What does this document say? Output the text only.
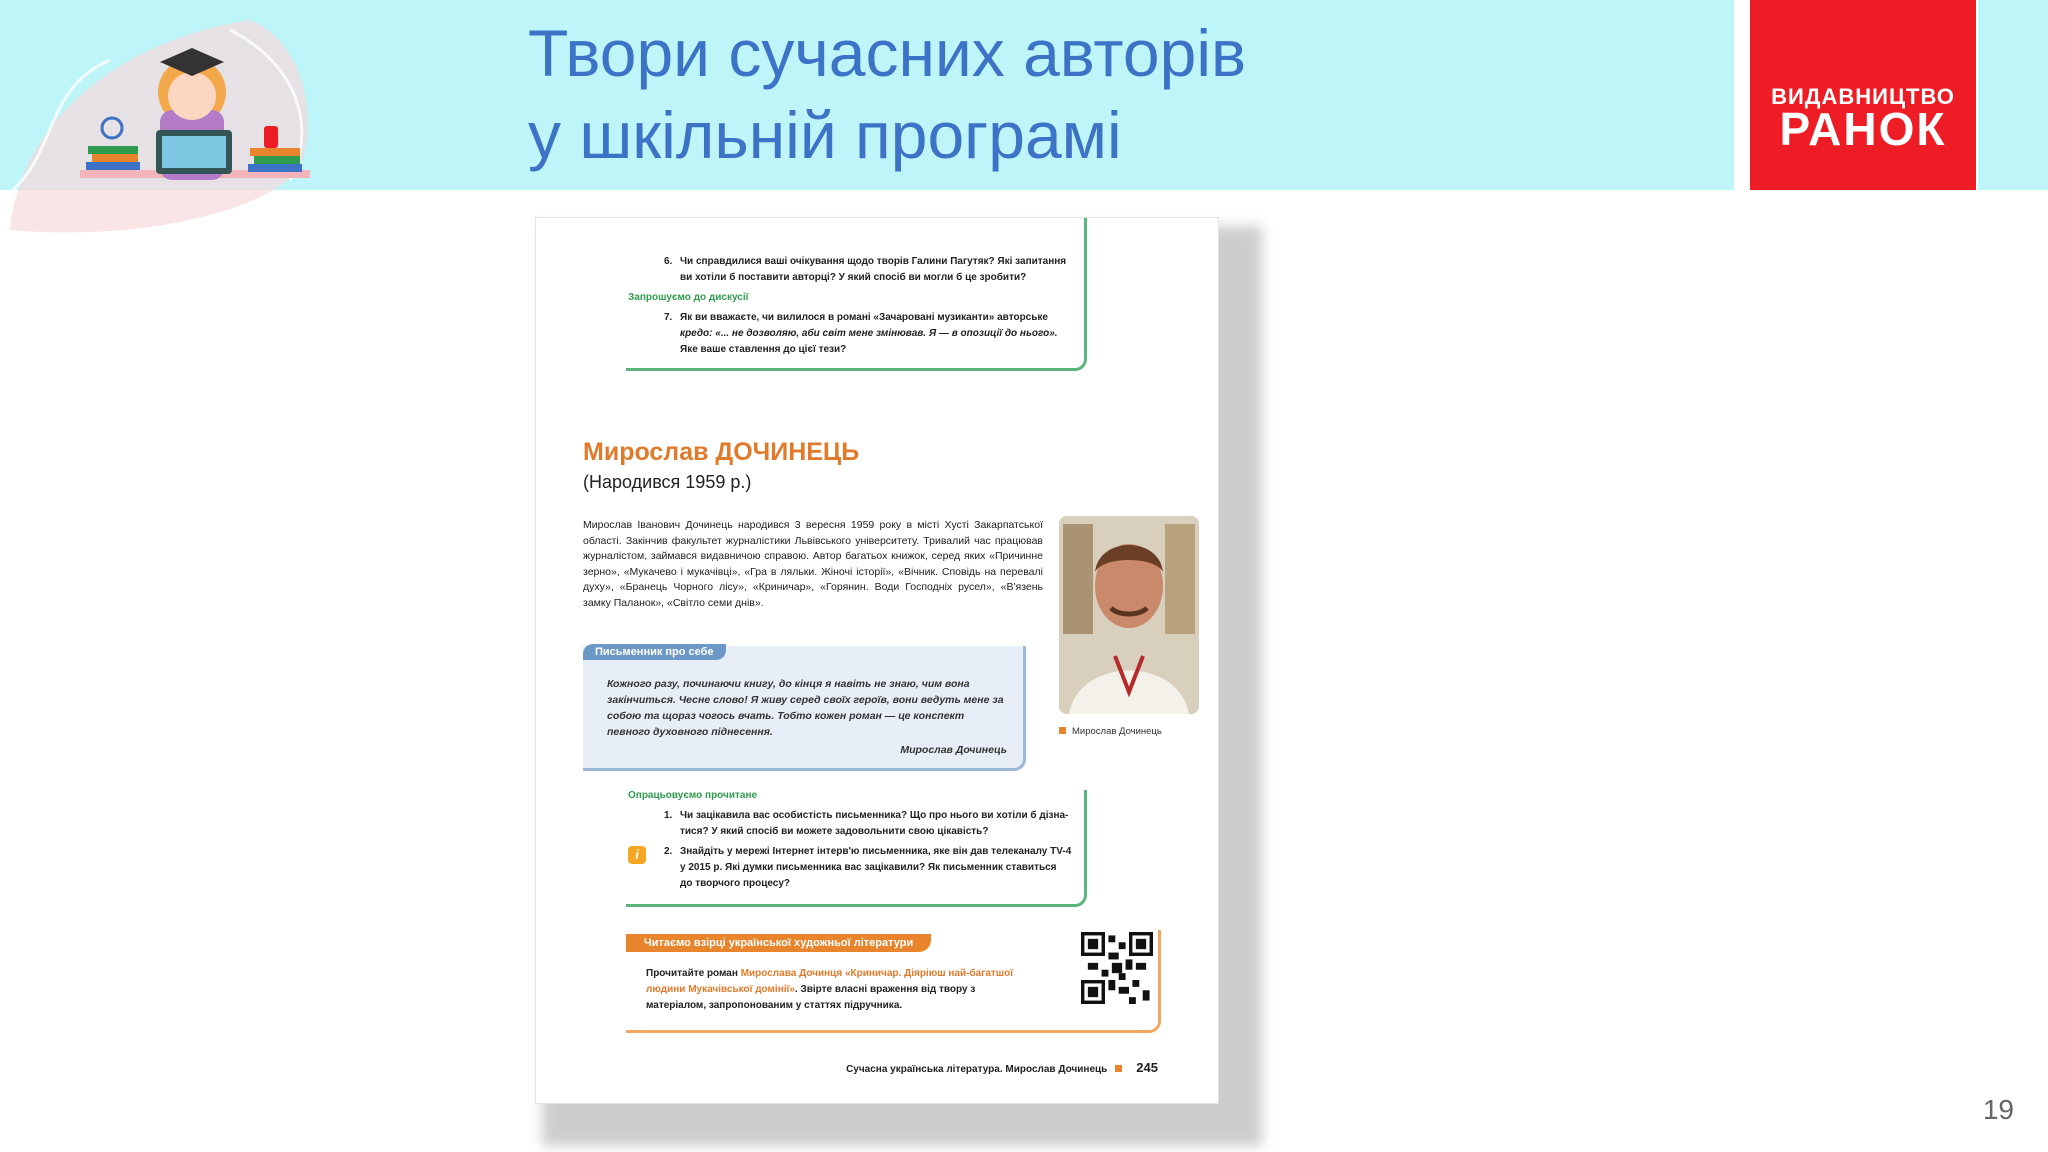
Твори сучасних авторів
у шкільній програмі
ВИДАВНИЦТВО
РАНОК
6. Чи справдилися ваші очікування щодо творів Галини Пагутяк? Які запитання
ви хотіли б поставити авторці? У який спосіб ви могли б це зробити?
Запрошуємо до дискусії
7. Як ви вважаєте, чи вилилося в романі «Зачаровані музиканти» авторське
кредо: «... не дозволяю, аби світ мене змінював. Я — в опозиції до нього».
Яке ваше ставлення до цієї тези?
Мирослав ДОЧИНЕЦЬ
(Народився 1959 р.)
Мирослав Іванович Дочинець народився 3 вересня 1959 року в місті Хусті Закарпатської області. Закінчив факультет журналістики Львівського університету. Тривалий час працював журналістом, займався видавничою справою. Автор багатьох книжок, серед яких «Причинне зерно», «Мукачево і мукачівці», «Гра в ляльки. Жіночі історії», «Вічник. Сповідь на перевалі духу», «Бранець Чорного лісу», «Криничар», «Горянин. Води Господніх русел», «В'язень замку Паланок», «Світло семи днів».
Мирослав Дочинець
Кожного разу, починаючи книгу, до кінця я навіть не знаю, чим вона закінчиться. Чесне слово! Я живу серед своїх героїв, вони ведуть мене за собою та щораз чогось вчать. Тобто кожен роман — це конспект певного духовного піднесення.
Мирослав Дочинець
Письменник про себе
Опрацьовуємо прочитане
1. Чи зацікавила вас особистість письменника? Що про нього ви хотіли б дізна-
тися? У який спосіб ви можете задовольнити свою цікавість?
i	2. Знайдіть у мережі Інтернет інтерв'ю письменника, яке він дав телеканалу TV-4
у 2015 р. Які думки письменника вас зацікавили? Як письменник ставиться
до творчого процесу?
Читаємо взірці української художньої літератури
Прочитайте роман Мирослава Дочинця «Криничар. Діяріюш най-багатшої людини Мукачівської домінії». Звірте власні враження від твору з матеріалом, запропонованим у статтях підручника.
Сучасна українська література. Мирослав Дочинець 245
19
